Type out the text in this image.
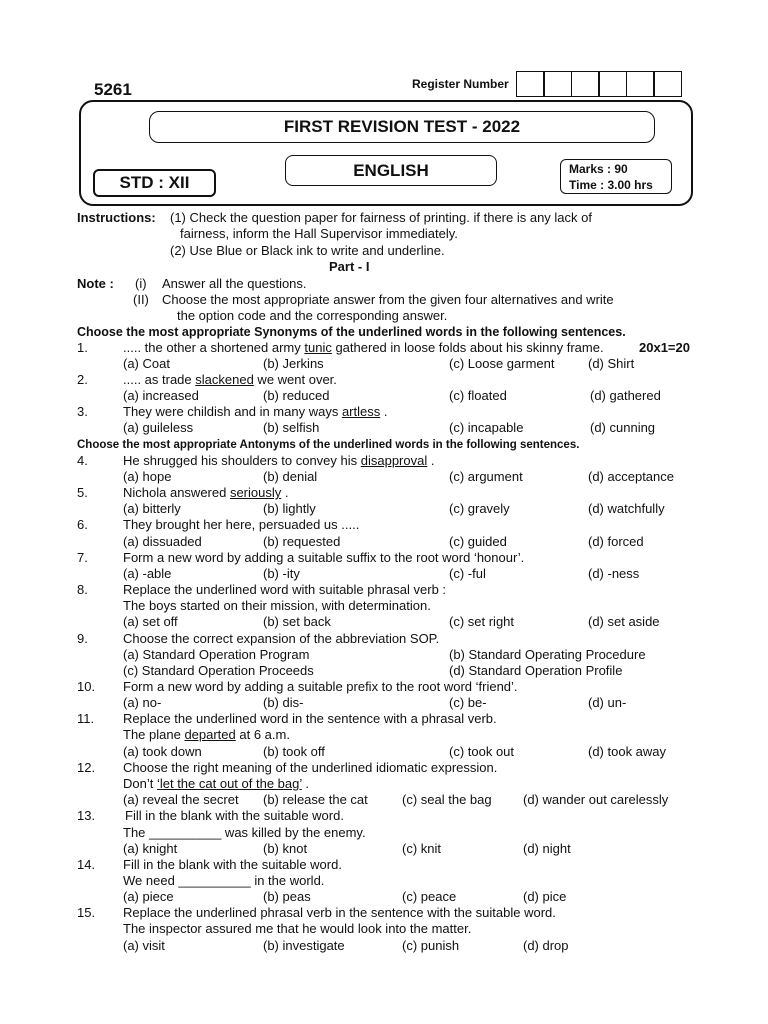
5261	Register Number
FIRST REVISION TEST - 2022
STD : XII
ENGLISH	Marks : 90
Time : 3.00 hrs
Instructions: (1) Check the question paper for fairness of printing. if there is any lack of
fairness, inform the Hall Supervisor immediately.
(2) Use Blue or Black ink to write and underline.
Part - I
Note : (i) Answer all the questions.
(II) Choose the most appropriate answer from the given four alternatives and write
the option code and the corresponding answer.
Choose the most appropriate Synonyms of the underlined words in the following sentences.
1.	..... the other a shortened army tunic gathered in loose folds about his skinny frame.	20x1=20
(a) Coat	(b) Jerkins	(c) Loose garment	(d) Shirt
2.	..... as trade slackened we went over.
(a) increased	(b) reduced	(c) floated	(d) gathered
3.	They were childish and in many ways artless .
(a) guileless	(b) selfish	(c) incapable	(d) cunning
Choose the most appropriate Antonyms of the underlined words in the following sentences.
4.	He shrugged his shoulders to convey his disapproval .
(a) hope	(b) denial	(c) argument	(d) acceptance
5.	Nichola answered seriously .
(a) bitterly	(b) lightly	(c) gravely	(d) watchfully
6.	They brought her here, persuaded us .....
(a) dissuaded	(b) requested	(c) guided	(d) forced
7.	Form a new word by adding a suitable suffix to the root word ‘honour’.
(a) -able	(b) -ity	(c) -ful	(d) -ness
8.	Replace the underlined word with suitable phrasal verb :
The boys started on their mission, with determination.
(a) set off	(b) set back	(c) set right	(d) set aside
9.	Choose the correct expansion of the abbreviation SOP.
(a) Standard Operation Program	(b) Standard Operating Procedure
(c) Standard Operation Proceeds	(d) Standard Operation Profile
10. Form a new word by adding a suitable prefix to the root word ‘friend’.
(a) no-	(b) dis-	(c) be-	(d) un-
11. Replace the underlined word in the sentence with a phrasal verb.
The plane departed at 6 a.m.
(a) took down	(b) took off	(c) took out	(d) took away
12. Choose the right meaning of the underlined idiomatic expression.
Don’t ‘let the cat out of the bag’ .
(a) reveal the secret (b) release the cat	(c) seal the bag (d) wander out carelessly
13. Fill in the blank with the suitable word.
The __________ was killed by the enemy.
(a) knight	(b) knot	(c) knit	(d) night
14. Fill in the blank with the suitable word.
We need __________ in the world.
(a) piece	(b) peas	(c) peace	(d) pice
15. Replace the underlined phrasal verb in the sentence with the suitable word.
The inspector assured me that he would look into the matter.
(a) visit	(b) investigate	(c) punish	(d) drop
